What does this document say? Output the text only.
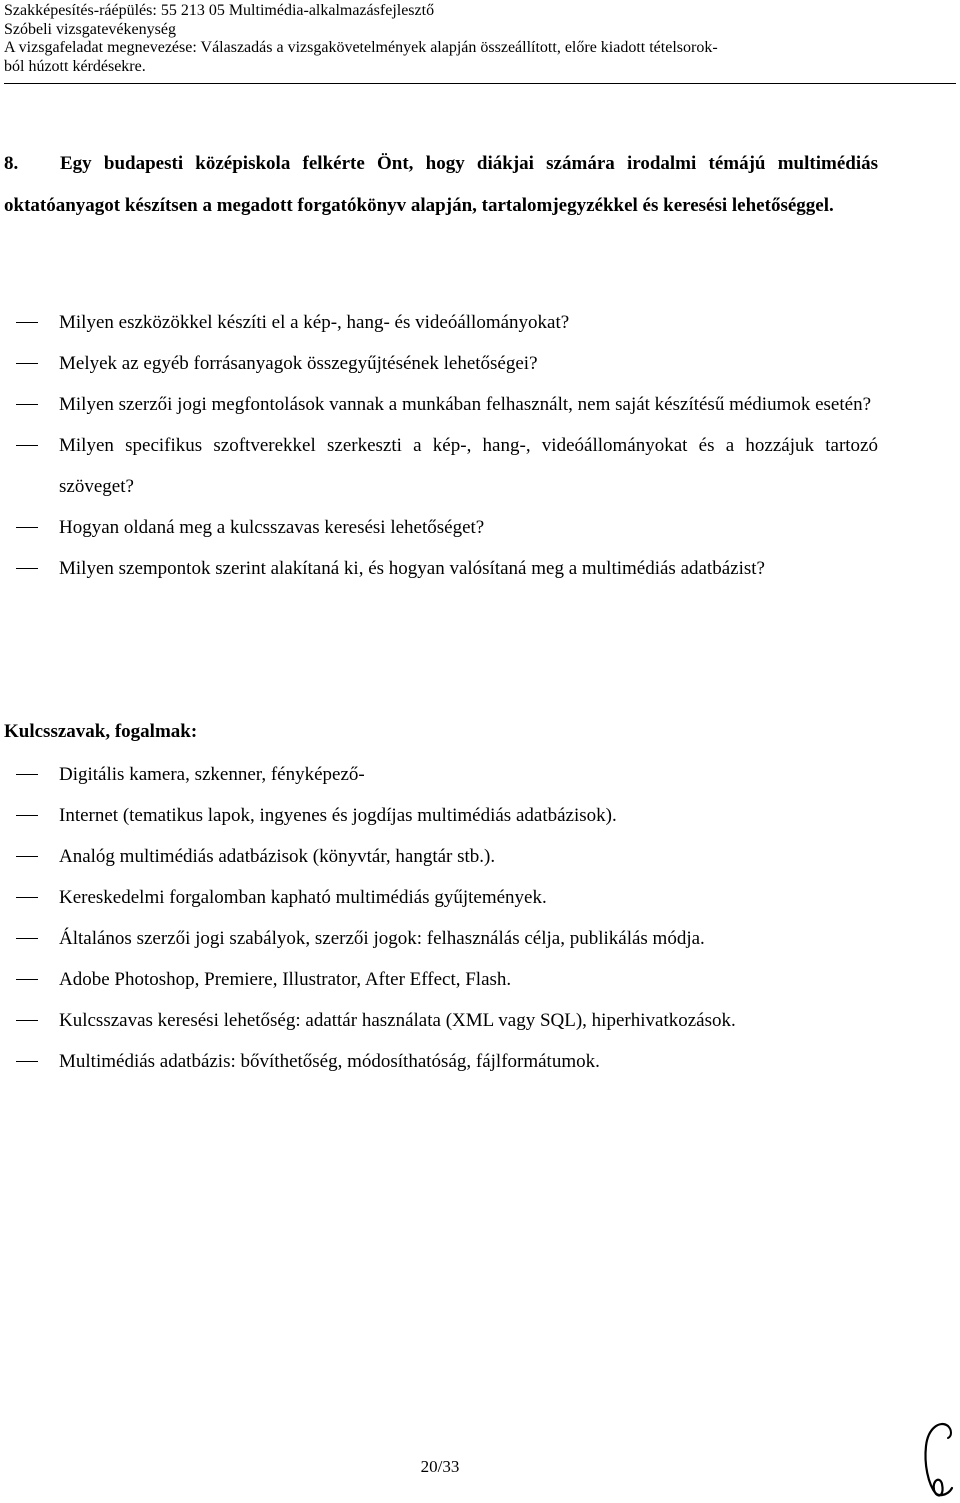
Szakképesítés-ráépülés: 55 213 05 Multimédia-alkalmazásfejlesztő
Szóbeli vizsgatevékenység
A vizsgafeladat megnevezése: Válaszadás a vizsgakövetelmények alapján összeállított, előre kiadott tételsorok-
ból húzott kérdésekre.
8. Egy budapesti középiskola felkérte Önt, hogy diákjai számára irodalmi témájú multimédiás oktatóanyagot készítsen a megadott forgatókönyv alapján, tartalomjegyzékkel és keresési lehetőséggel.
Milyen eszközökkel készíti el a kép-, hang- és videóállományokat?
Melyek az egyéb forrásanyagok összegyűjtésének lehetőségei?
Milyen szerzői jogi megfontolások vannak a munkában felhasznált, nem saját készítésű médiumok esetén?
Milyen specifikus szoftverekkel szerkeszti a kép-, hang-, videóállományokat és a hozzájuk tartozó szöveget?
Hogyan oldaná meg a kulcsszavas keresési lehetőséget?
Milyen szempontok szerint alakítaná ki, és hogyan valósítaná meg a multimédiás adatbázist?
Kulcsszavak, fogalmak:
Digitális kamera, szkenner, fényképező-
Internet (tematikus lapok, ingyenes és jogdíjas multimédiás adatbázisok).
Analóg multimédiás adatbázisok (könyvtár, hangtár stb.).
Kereskedelmi forgalomban kapható multimédiás gyűjtemények.
Általános szerzői jogi szabályok, szerzői jogok: felhasználás célja, publikálás módja.
Adobe Photoshop, Premiere, Illustrator, After Effect, Flash.
Kulcsszavas keresési lehetőség: adattár használata (XML vagy SQL), hiperhivatkozások.
Multimédiás adatbázis: bővíthetőség, módosíthatóság, fájlformátumok.
20/33
